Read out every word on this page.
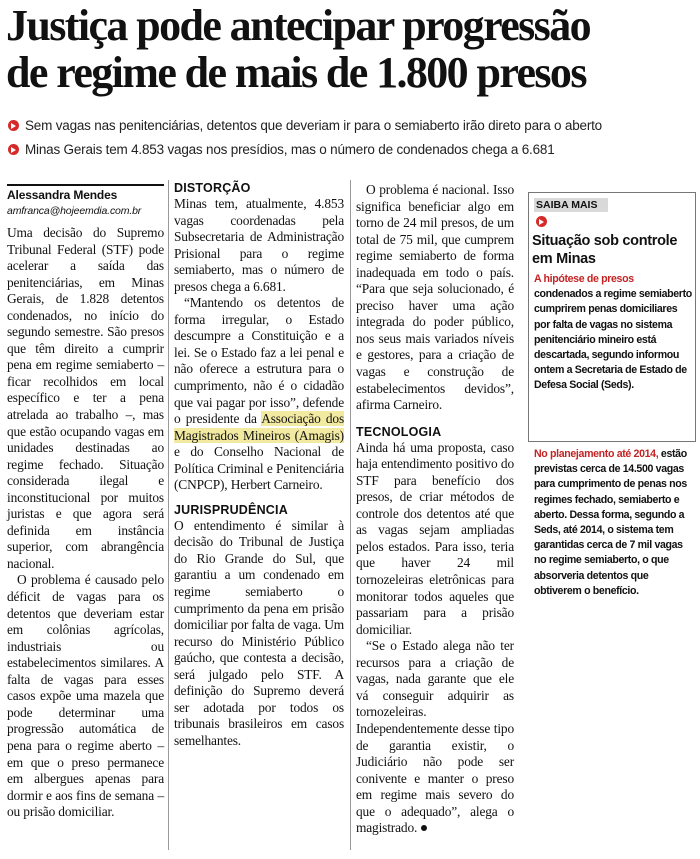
Justiça pode antecipar progressão
de regime de mais de 1.800 presos
Sem vagas nas penitenciárias, detentos que deveriam ir para o semiaberto irão direto para o aberto
Minas Gerais tem 4.853 vagas nos presídios, mas o número de condenados chega a 6.681
Alessandra Mendes
amfranca@hojeemdia.com.br

Uma decisão do Supremo Tribunal Federal (STF) pode acelerar a saída das penitenciárias, em Minas Gerais, de 1.828 detentos condenados, no início do segundo semestre. São presos que têm direito a cumprir pena em regime semiaberto – ficar recolhidos em local específico e ter a pena atrelada ao trabalho –, mas que estão ocupando vagas em unidades destinadas ao regime fechado. Situação considerada ilegal e inconstitucional por muitos juristas e que agora será definida em instância superior, com abrangência nacional.

O problema é causado pelo déficit de vagas para os detentos que deveriam estar em colônias agrícolas, industriais ou estabelecimentos similares. A falta de vagas para esses casos expõe uma mazela que pode determinar uma progressão automática de pena para o regime aberto – em que o preso permanece em albergues apenas para dormir e aos fins de semana – ou prisão domiciliar.

DISTORÇÃO

Minas tem, atualmente, 4.853 vagas coordenadas pela Subsecretaria de Administração Prisional para o regime semiaberto, mas o número de presos chega a 6.681.

“Mantendo os detentos de forma irregular, o Estado descumpre a Constituição e a lei. Se o Estado faz a lei penal e não oferece a estrutura para o cumprimento, não é o cidadão que vai pagar por isso”, defende o presidente da Associação dos Magistrados Mineiros (Amagis) e do Conselho Nacional de Política Criminal e Penitenciária (CNPCP), Herbert Carneiro.

JURISPRUDÊNCIA

O entendimento é similar à decisão do Tribunal de Justiça do Rio Grande do Sul, que garantiu a um condenado em regime semiaberto o cumprimento da pena em prisão domiciliar por falta de vaga. Um recurso do Ministério Público gaúcho, que contesta a decisão, será julgado pelo STF. A definição do Supremo deverá ser adotada por todos os tribunais brasileiros em casos semelhantes.

O problema é nacional. Isso significa beneficiar algo em torno de 24 mil presos, de um total de 75 mil, que cumprem regime semiaberto de forma inadequada em todo o país. “Para que seja solucionado, é preciso haver uma ação integrada do poder público, nos seus mais variados níveis e gestores, para a criação de vagas e construção de estabelecimentos devidos”, afirma Carneiro.

TECNOLOGIA

Ainda há uma proposta, caso haja entendimento positivo do STF para benefício dos presos, de criar métodos de controle dos detentos até que as vagas sejam ampliadas pelos estados. Para isso, teria que haver 24 mil tornozeleiras eletrônicas para monitorar todos aqueles que passariam para a prisão domiciliar.

“Se o Estado alega não ter recursos para a criação de vagas, nada garante que ele vá conseguir adquirir as tornozeleiras. Independentemente desse tipo de garantia existir, o Judiciário não pode ser conivente e manter o preso em regime mais severo do que o adequado”, alega o magistrado.

SAIBA MAIS
Situação sob controle em Minas
A hipótese de presos condenados a regime semiaberto cumprirem penas domiciliares por falta de vagas no sistema penitenciário mineiro está descartada, segundo informou ontem a Secretaria de Estado de Defesa Social (Seds).
No planejamento até 2014, estão previstas cerca de 14.500 vagas para cumprimento de penas nos regimes fechado, semiaberto e aberto. Dessa forma, segundo a Seds, até 2014, o sistema tem garantidas cerca de 7 mil vagas no regime semiaberto, o que absorveria detentos que obtiverem o benefício.
